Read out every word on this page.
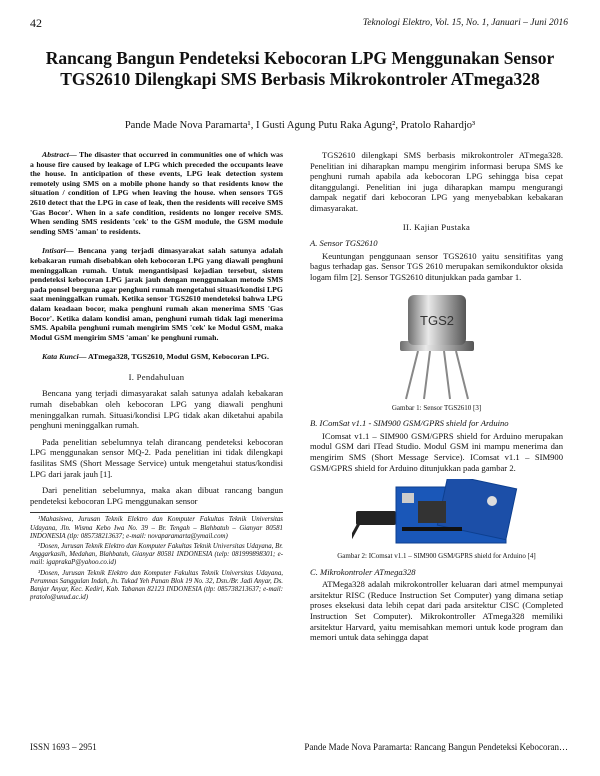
42	Teknologi Elektro, Vol. 15, No. 1, Januari – Juni 2016
Rancang Bangun Pendeteksi Kebocoran LPG Menggunakan Sensor TGS2610 Dilengkapi SMS Berbasis Mikrokontroler ATmega328
Pande Made Nova Paramarta¹, I Gusti Agung Putu Raka Agung², Pratolo Rahardjo³

Abstract— The disaster that occurred in communities one of which was a house fire caused by leakage of LPG which preceded the occupants leave the house. In anticipation of these events, LPG leak detection system remotely using SMS on a mobile phone handy so that residents know the situation / condition of LPG when leaving the house. when sensors TGS 2610 detect that the LPG in case of leak, then the residents will receive SMS 'Gas Bocor'. When in a safe condition, residents no longer receive SMS. When sending SMS residents 'cek' to the GSM module, the GSM module sending SMS 'aman' to residents.

Intisari— Bencana yang terjadi dimasyarakat salah satunya adalah kebakaran rumah disebabkan oleh kebocoran LPG yang diawali penghuni meninggalkan rumah. Untuk mengantisipasi kejadian tersebut, sistem pendeteksi kebocoran LPG jarak jauh dengan menggunakan metode SMS pada ponsel berguna agar penghuni rumah mengetahui situasi/kondisi LPG saat meninggalkan rumah. Ketika sensor TGS2610 mendeteksi bahwa LPG dalam keadaan bocor, maka penghuni rumah akan menerima SMS 'Gas Bocor'. Ketika dalam kondisi aman, penghuni rumah tidak lagi menerima SMS. Apabila penghuni rumah mengirim SMS 'cek' ke Modul GSM, maka Modul GSM mengirim SMS 'aman' ke penghuni rumah.

Kata Kunci— ATmega328, TGS2610, Modul GSM, Kebocoran LPG.

I. Pendahuluan

Bencana yang terjadi dimasyarakat salah satunya adalah kebakaran rumah disebabkan oleh kebocoran LPG yang diawali penghuni meninggalkan rumah. Situasi/kondisi LPG tidak akan diketahui apabila penghuni meninggalkan rumah.

Pada penelitian sebelumnya telah dirancang pendeteksi kebocoran LPG menggunakan sensor MQ-2. Pada penelitian ini tidak dilengkapi fasilitas SMS (Short Message Service) untuk mengetahui status/kondisi LPG dari jarak jauh [1].

Dari penelitian sebelumnya, maka akan dibuat rancang bangun pendeteksi kebocoran LPG menggunakan sensor

¹Mahasiswa, Jurusan Teknik Elektro dan Komputer Fakultas Teknik Universitas Udayana, Jln. Wisma Kebo Iwa No. 39 – Br. Tengah – Blahbatuh – Gianyar 80581 INDONESIA (tlp: 085738213637; e-mail: novaparamarta@ymail.com)

²Dosen, Jurusan Teknik Elektro dan Komputer Fakultas Teknik Universitas Udayana, Br. Anggarkasih, Medahan, Blahbatuh, Gianyar 80581 INDONESIA (telp: 081999898301; e-mail: igaprakaP@yahoo.co.id)

³Dosen, Jurusan Teknik Elektro dan Komputer Fakultas Teknik Universitas Udayana, Perumnas Sanggulan Indah, Jn. Tukad Yeh Panan Blok 19 No. 32, Dsn./Br. Jadi Anyar, Ds. Banjar Anyar, Kec. Kediri, Kab. Tabanan 82123 INDONESIA (tlp: 085738213637; e-mail: pratolo@unud.ac.id)

TGS2610 dilengkapi SMS berbasis mikrokontroler ATmega328. Penelitian ini diharapkan mampu mengirim informasi berupa SMS ke penghuni rumah apabila ada kebocoran LPG sehingga bisa cepat ditanggulangi. Penelitian ini juga diharapkan mampu mengurangi dampak negatif dari kebocoran LPG yang menyebabkan kebakaran dimasyarakat.

II. Kajian Pustaka
A. Sensor TGS2610

Keuntungan penggunaan sensor TGS2610 yaitu sensitifitas yang bagus terhadap gas. Sensor TGS 2610 merupakan semikonduktor oksida logam film [2]. Sensor TGS2610 ditunjukkan pada gambar 1.

TGS2
Gambar 1: Sensor TGS2610 [3]
B. IComSat v1.1 - SIM900 GSM/GPRS shield for Arduino

IComsat v1.1 – SIM900 GSM/GPRS shield for Arduino merupakan modul GSM dari ITead Studio. Modul GSM ini mampu menerima dan mengirim SMS (Short Message Service). IComsat v1.1 – SIM900 GSM/GPRS shield for Arduino ditunjukkan pada gambar 2.

Gambar 2: IComsat v1.1 – SIM900 GSM/GPRS shield for Arduino [4]
C. Mikrokontroler ATmega328

ATMega328 adalah mikrokontroller keluaran dari atmel mempunyai arsitektur RISC (Reduce Instruction Set Computer) yang dimana setiap proses eksekusi data lebih cepat dari pada arsitektur CISC (Completed Instruction Set Computer). Mikrokontroller ATmega328 memiliki arsitektur Harvard, yaitu memisahkan memori untuk kode program dan memori untuk data sehingga dapat

ISSN 1693 – 2951	Pande Made Nova Paramarta: Rancang Bangun Pendeteksi Kebocoran…
